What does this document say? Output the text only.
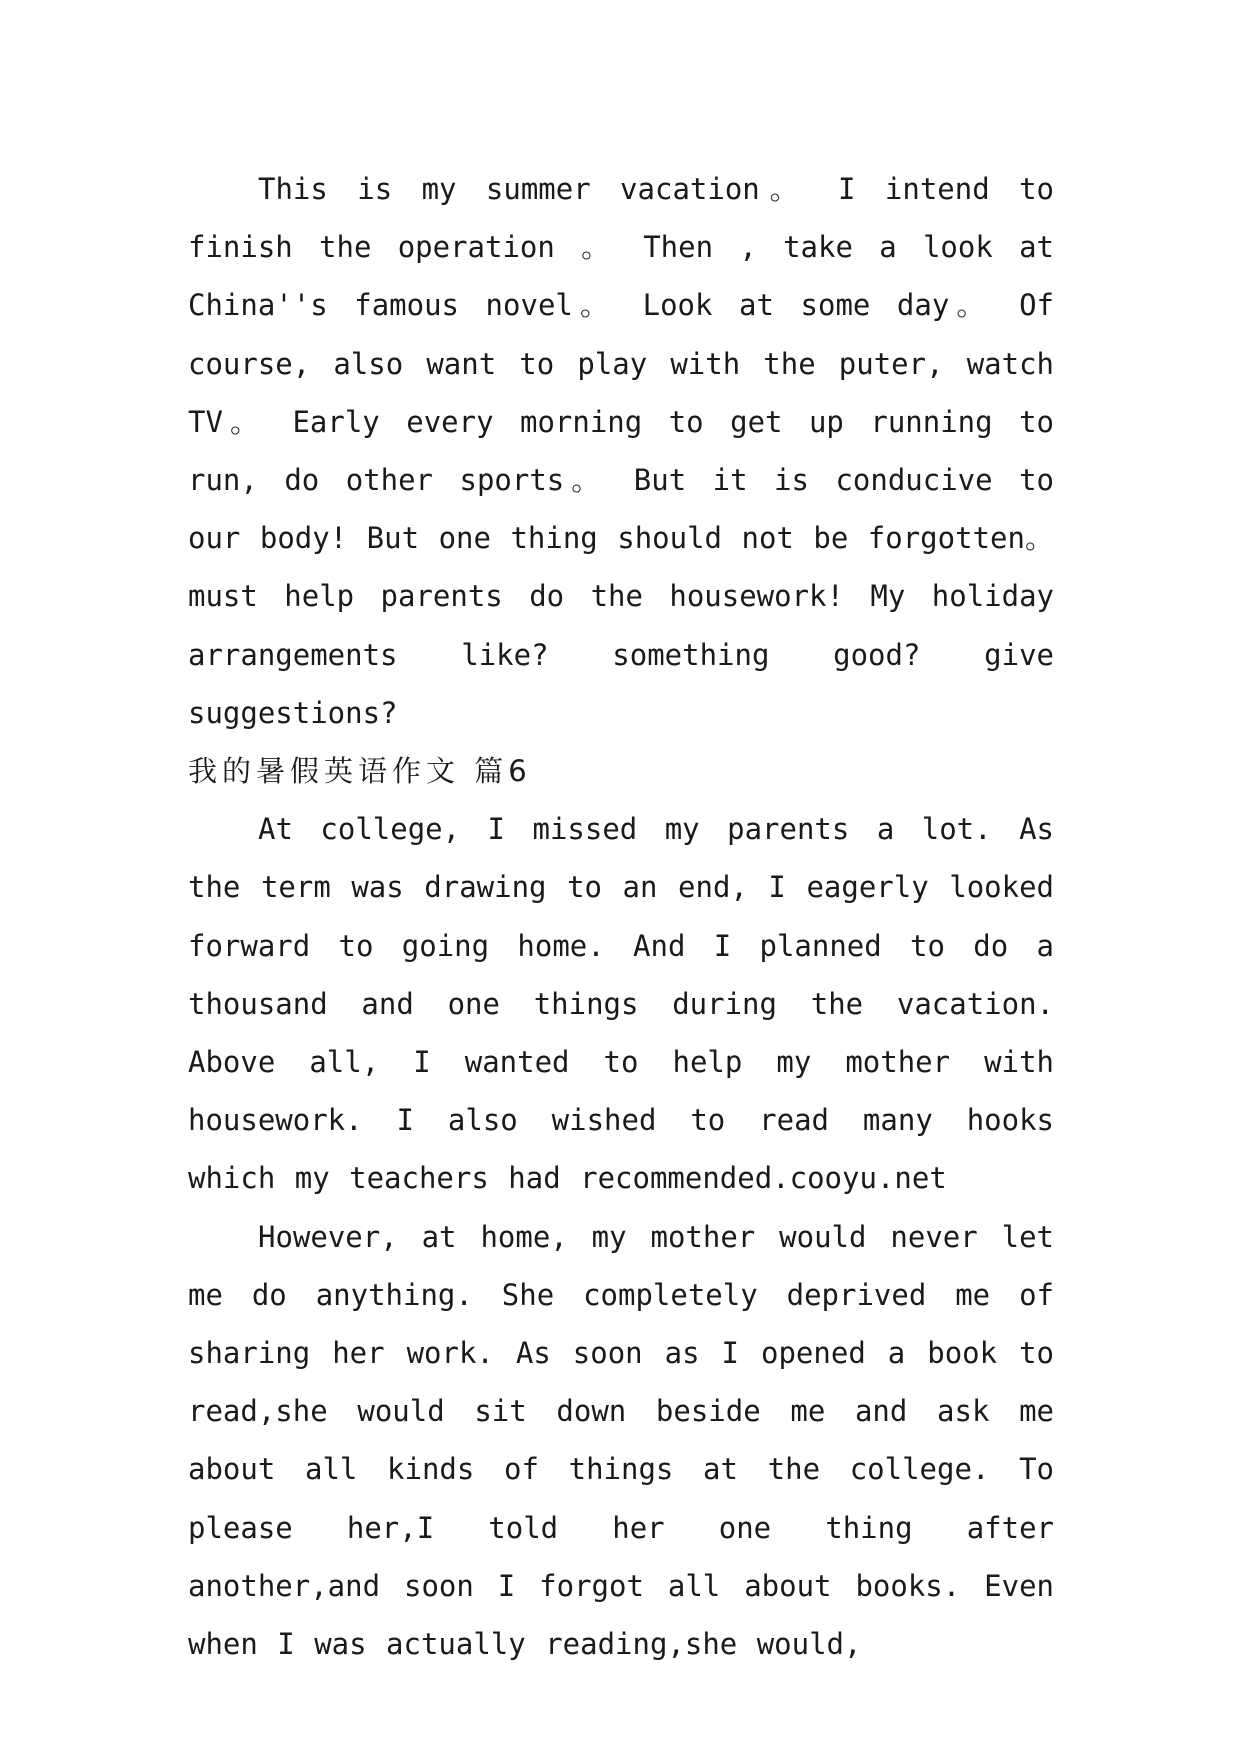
This is my summer vacation。 I intend to finish the operation 。 Then , take a look at China''s famous novel。 Look at some day。 Of course, also want to play with the puter, watch TV。 Early every morning to get up running to run, do other sports。 But it is conducive to our body! But one thing should not be forgotten。 must help parents do the housework! My holiday arrangements like? something good? give suggestions?

我的暑假英语作文 篇6

At college, I missed my parents a lot. As the term was drawing to an end, I eagerly looked forward to going home. And I planned to do a thousand and one things during the vacation. Above all, I wanted to help my mother with housework. I also wished to read many hooks which my teachers had recommended.cooyu.net

However, at home, my mother would never let me do anything. She completely deprived me of sharing her work. As soon as I opened a book to read,she would sit down beside me and ask me about all kinds of things at the college. To please her,I told her one thing after another,and soon I forgot all about books. Even when I was actually reading,she would,
